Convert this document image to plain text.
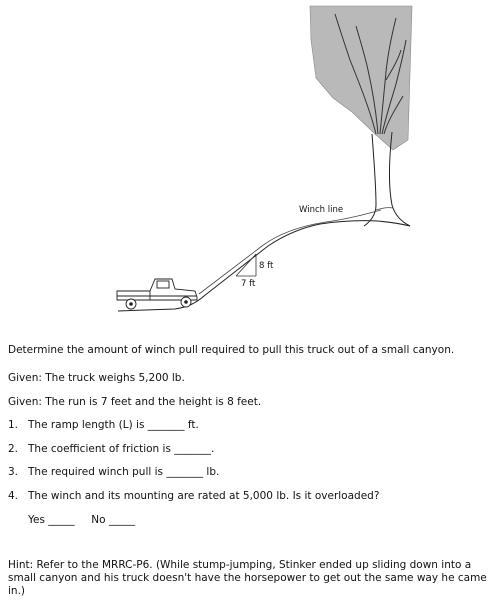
8 ft
7 ft
Winch line
Determine the amount of winch pull required to pull this truck out of a small canyon.
Given: The truck weighs 5,200 lb.
Given: The run is 7 feet and the height is 8 feet.
1. The ramp length (L) is _______ ft.
2. The coefficient of friction is _______.
3. The required winch pull is _______ lb.
4. The winch and its mounting are rated at 5,000 lb. Is it overloaded?
Yes _____     No _____
Hint: Refer to the MRRC-P6. (While stump-jumping, Stinker ended up sliding down into a small canyon and his truck doesn't have the horsepower to get out the same way he came in.)
